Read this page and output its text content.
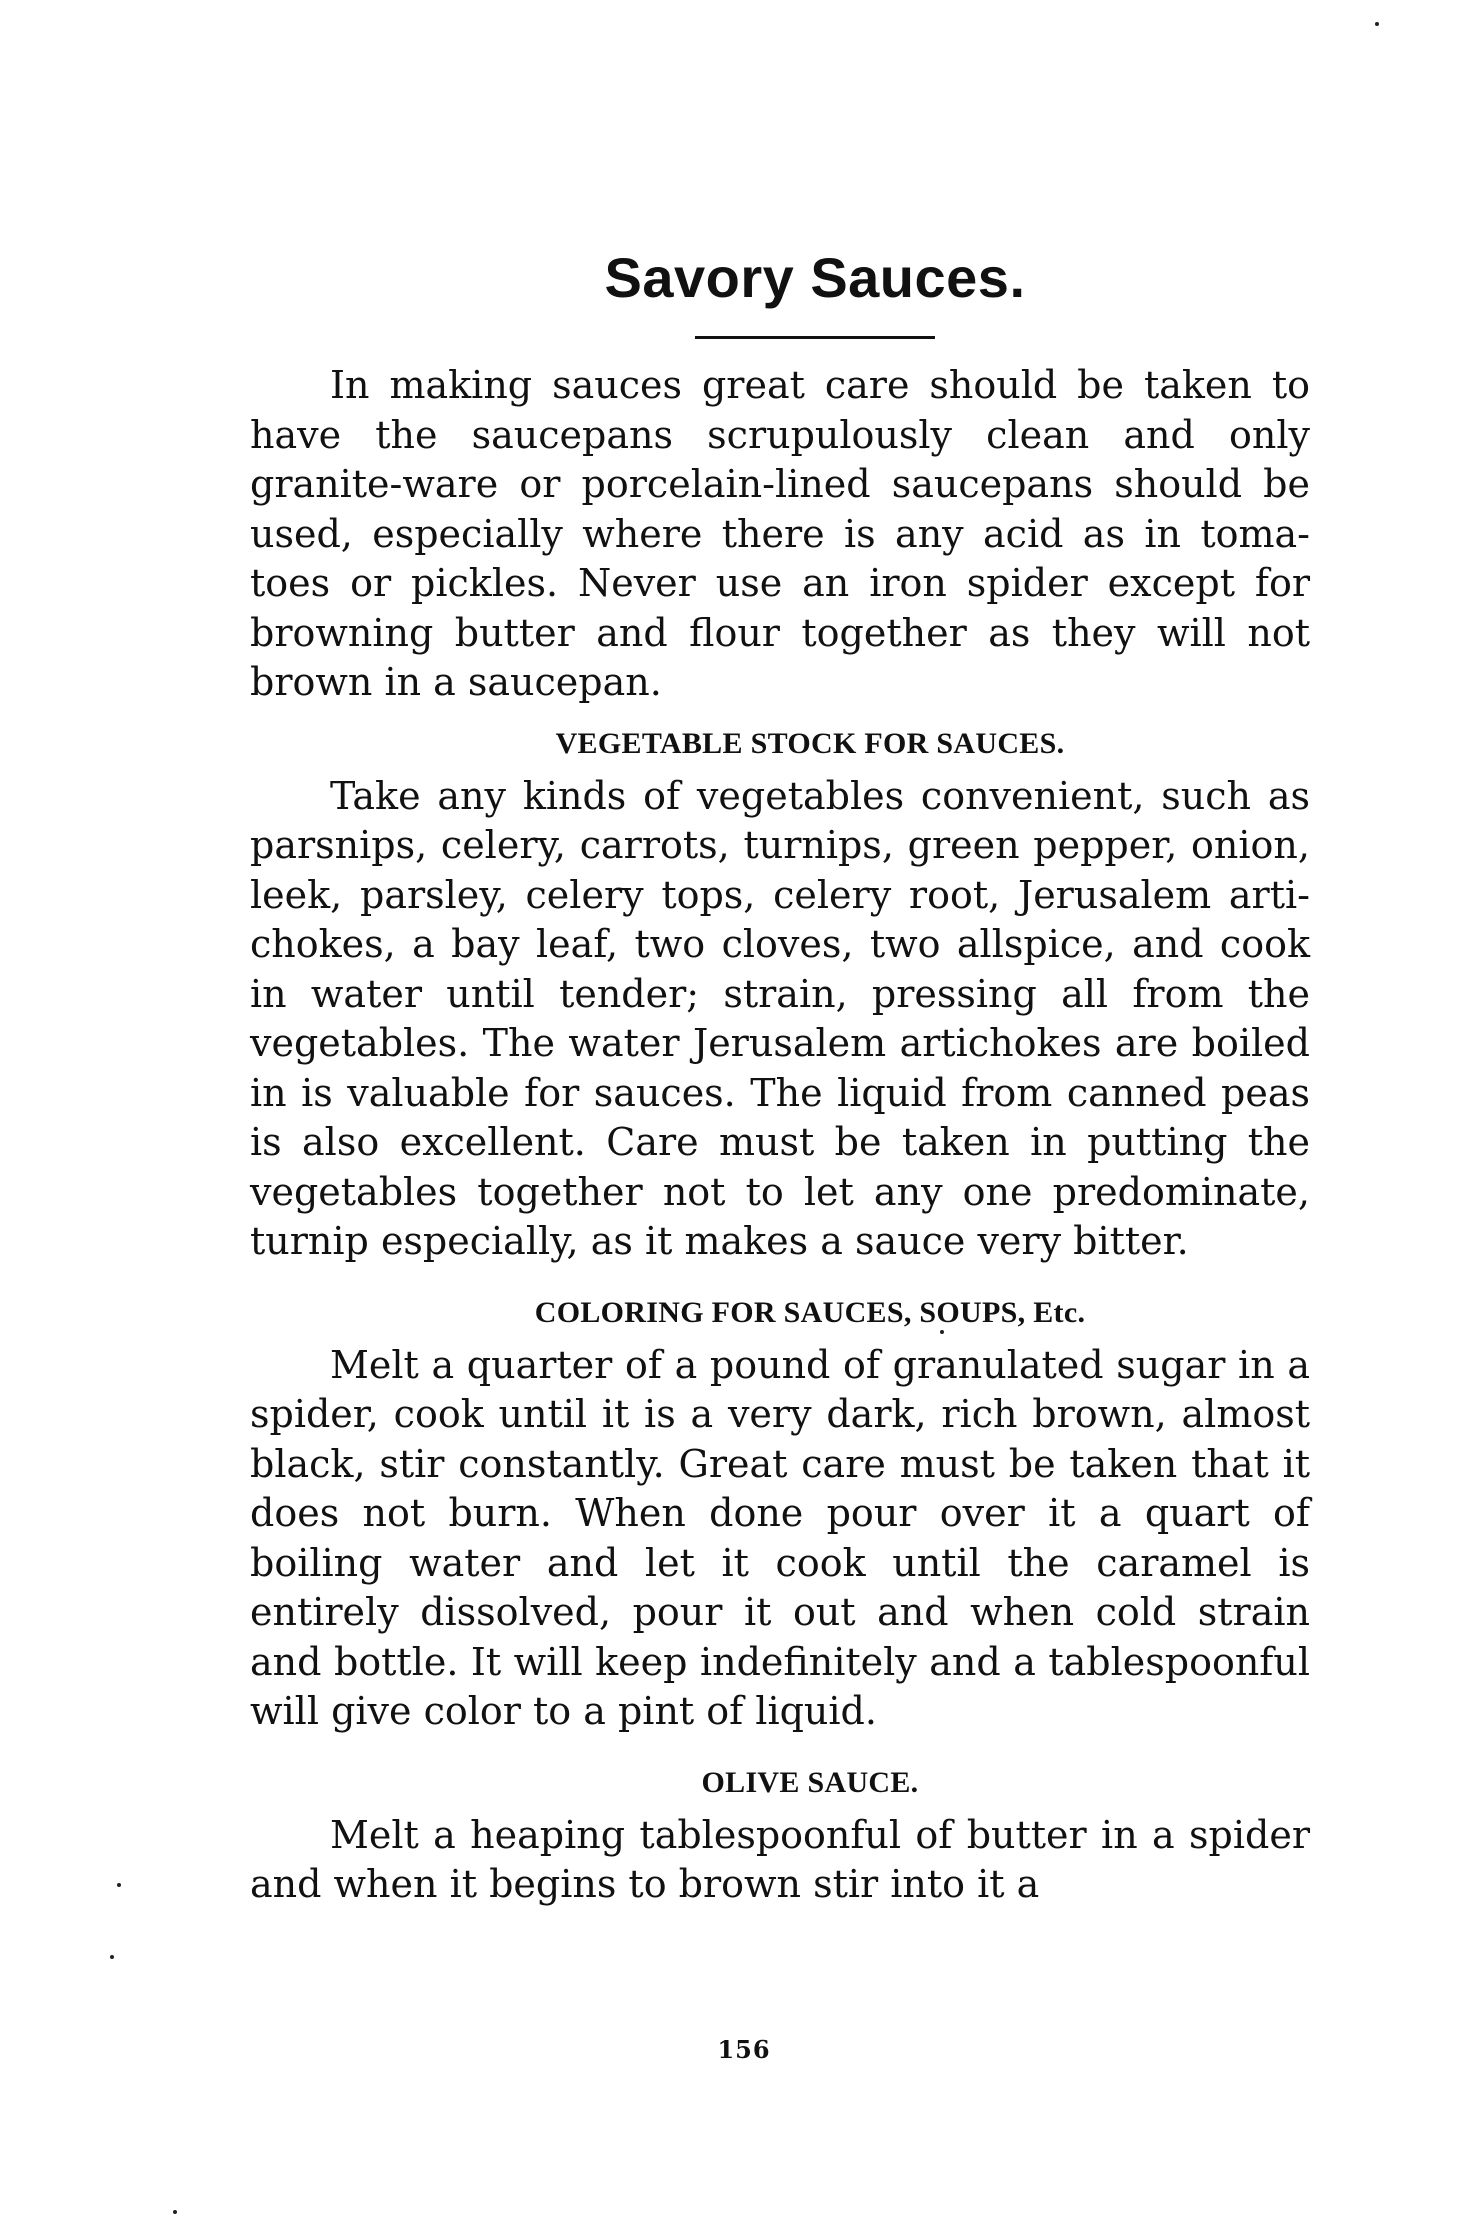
Savory Sauces.

In making sauces great care should be taken to have the saucepans scrupulously clean and only granite-ware or porcelain-lined saucepans should be used, especially where there is any acid as in tomatoes or pickles. Never use an iron spider except for browning butter and flour together as they will not brown in a saucepan.

VEGETABLE STOCK FOR SAUCES.

Take any kinds of vegetables convenient, such as parsnips, celery, carrots, turnips, green pepper, onion, leek, parsley, celery tops, celery root, Jerusalem artichokes, a bay leaf, two cloves, two allspice, and cook in water until tender; strain, pressing all from the vegetables. The water Jerusalem artichokes are boiled in is valuable for sauces. The liquid from canned peas is also excellent. Care must be taken in putting the vegetables together not to let any one predominate, turnip especially, as it makes a sauce very bitter.

COLORING FOR SAUCES, SOUPS, Etc.

Melt a quarter of a pound of granulated sugar in a spider, cook until it is a very dark, rich brown, almost black, stir constantly. Great care must be taken that it does not burn. When done pour over it a quart of boiling water and let it cook until the caramel is entirely dissolved, pour it out and when cold strain and bottle. It will keep indefinitely and a tablespoonful will give color to a pint of liquid.

OLIVE SAUCE.

Melt a heaping tablespoonful of butter in a spider and when it begins to brown stir into it a

156
